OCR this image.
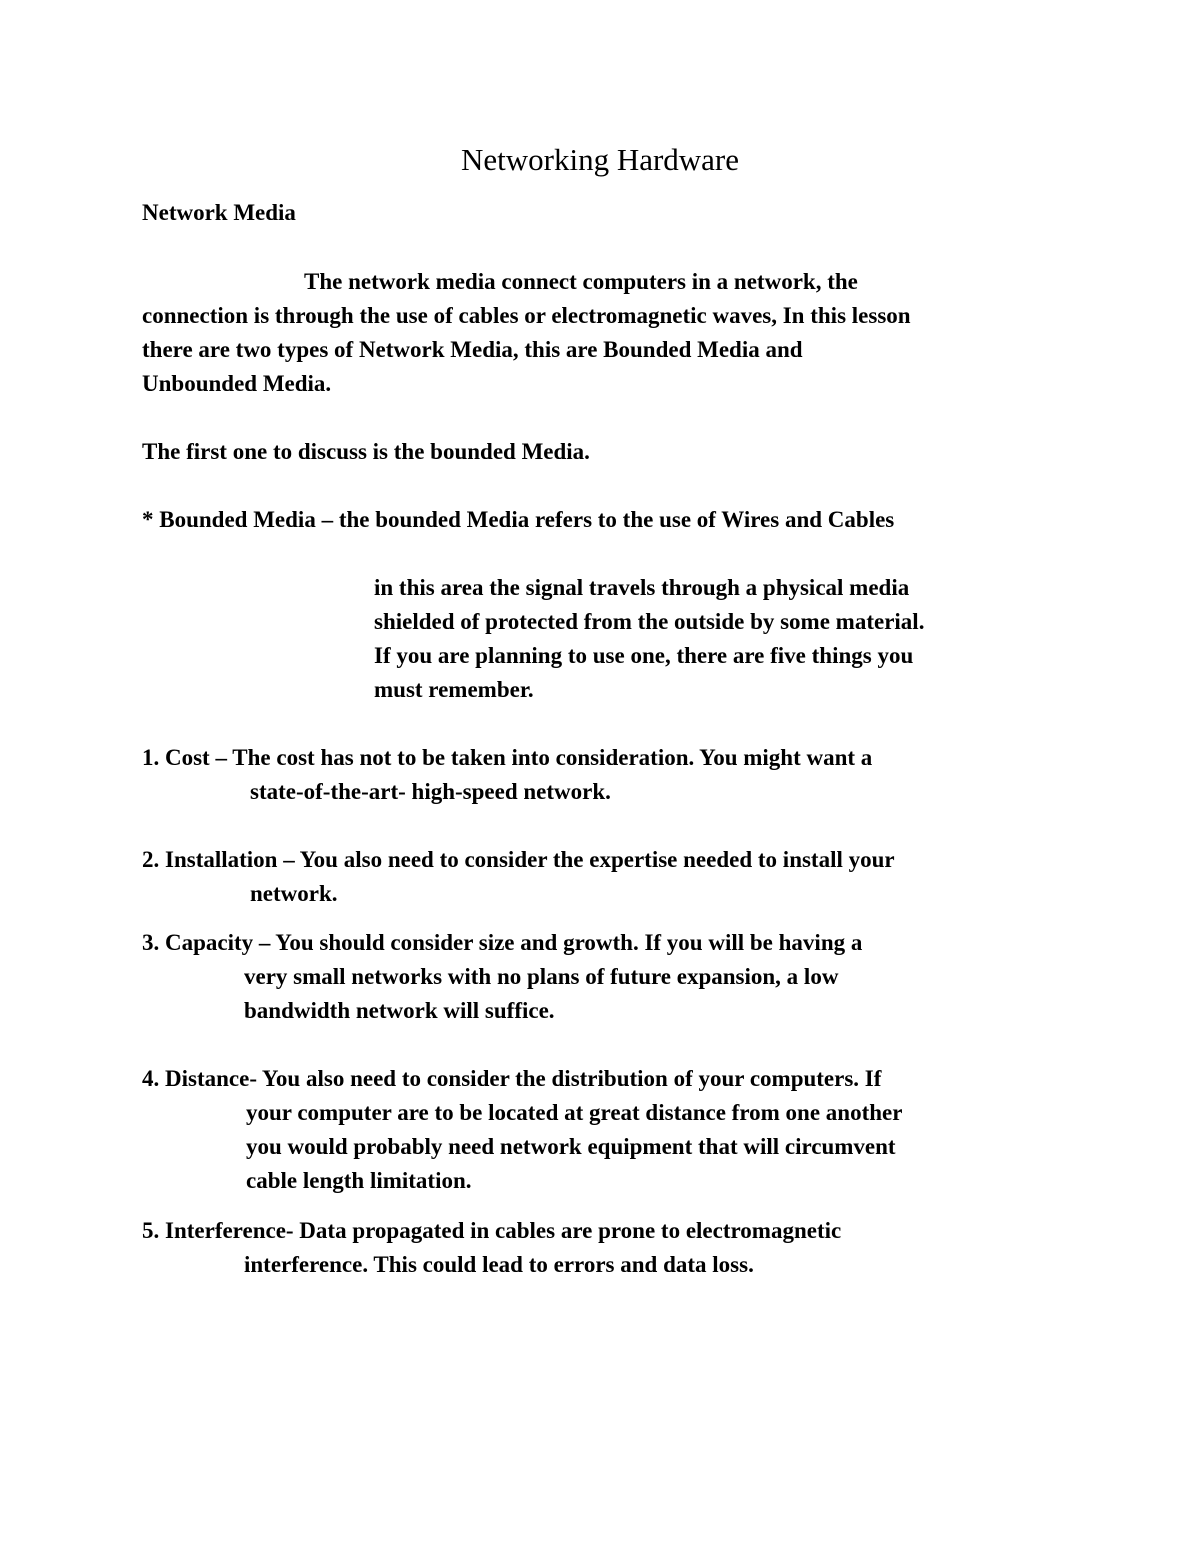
Networking Hardware
Network Media
The network media connect computers in a network, the
connection is through the use of cables or electromagnetic waves, In this lesson
there are two types of Network Media, this are Bounded Media and
Unbounded Media.
The first one to discuss is the bounded Media.
* Bounded Media – the bounded Media refers to the use of Wires and Cables
in this area the signal travels through a physical media
shielded of protected from the outside by some material.
If you are planning to use one, there are five things you
must remember.
1. Cost – The cost has not to be taken into consideration. You might want a
state-of-the-art- high-speed network.
2. Installation – You also need to consider the expertise needed to install your
network.
3. Capacity – You should consider size and growth. If you will be having a
very small networks with no plans of future expansion, a low
bandwidth network will suffice.
4. Distance- You also need to consider the distribution of your computers. If
your computer are to be located at great distance from one another
you would probably need network equipment that will circumvent
cable length limitation.
5. Interference- Data propagated in cables are prone to electromagnetic
interference. This could lead to errors and data loss.
